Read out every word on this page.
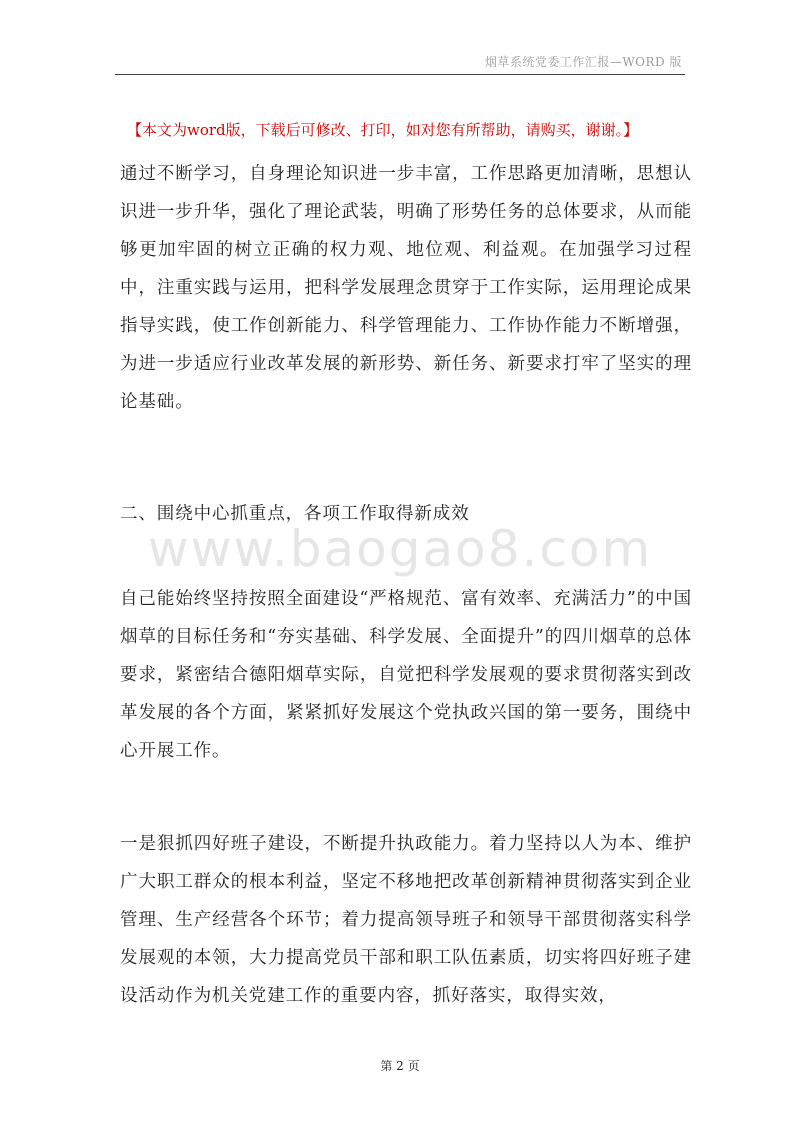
烟草系统党委工作汇报—WORD 版
【本文为word版，下载后可修改、打印，如对您有所帮助，请购买，谢谢。】

通过不断学习，自身理论知识进一步丰富，工作思路更加清晰，思想认识进一步升华，强化了理论武装，明确了形势任务的总体要求，从而能够更加牢固的树立正确的权力观、地位观、利益观。在加强学习过程中，注重实践与运用，把科学发展理念贯穿于工作实际，运用理论成果指导实践，使工作创新能力、科学管理能力、工作协作能力不断增强，为进一步适应行业改革发展的新形势、新任务、新要求打牢了坚实的理论基础。

二、围绕中心抓重点，各项工作取得新成效

www.baogao8.com

自己能始终坚持按照全面建设“严格规范、富有效率、充满活力”的中国烟草的目标任务和“夯实基础、科学发展、全面提升”的四川烟草的总体要求，紧密结合德阳烟草实际，自觉把科学发展观的要求贯彻落实到改革发展的各个方面，紧紧抓好发展这个党执政兴国的第一要务，围绕中心开展工作。

一是狠抓四好班子建设，不断提升执政能力。着力坚持以人为本、维护广大职工群众的根本利益，坚定不移地把改革创新精神贯彻落实到企业管理、生产经营各个环节；着力提高领导班子和领导干部贯彻落实科学发展观的本领，大力提高党员干部和职工队伍素质，切实将四好班子建设活动作为机关党建工作的重要内容，抓好落实，取得实效，

第 2 页
